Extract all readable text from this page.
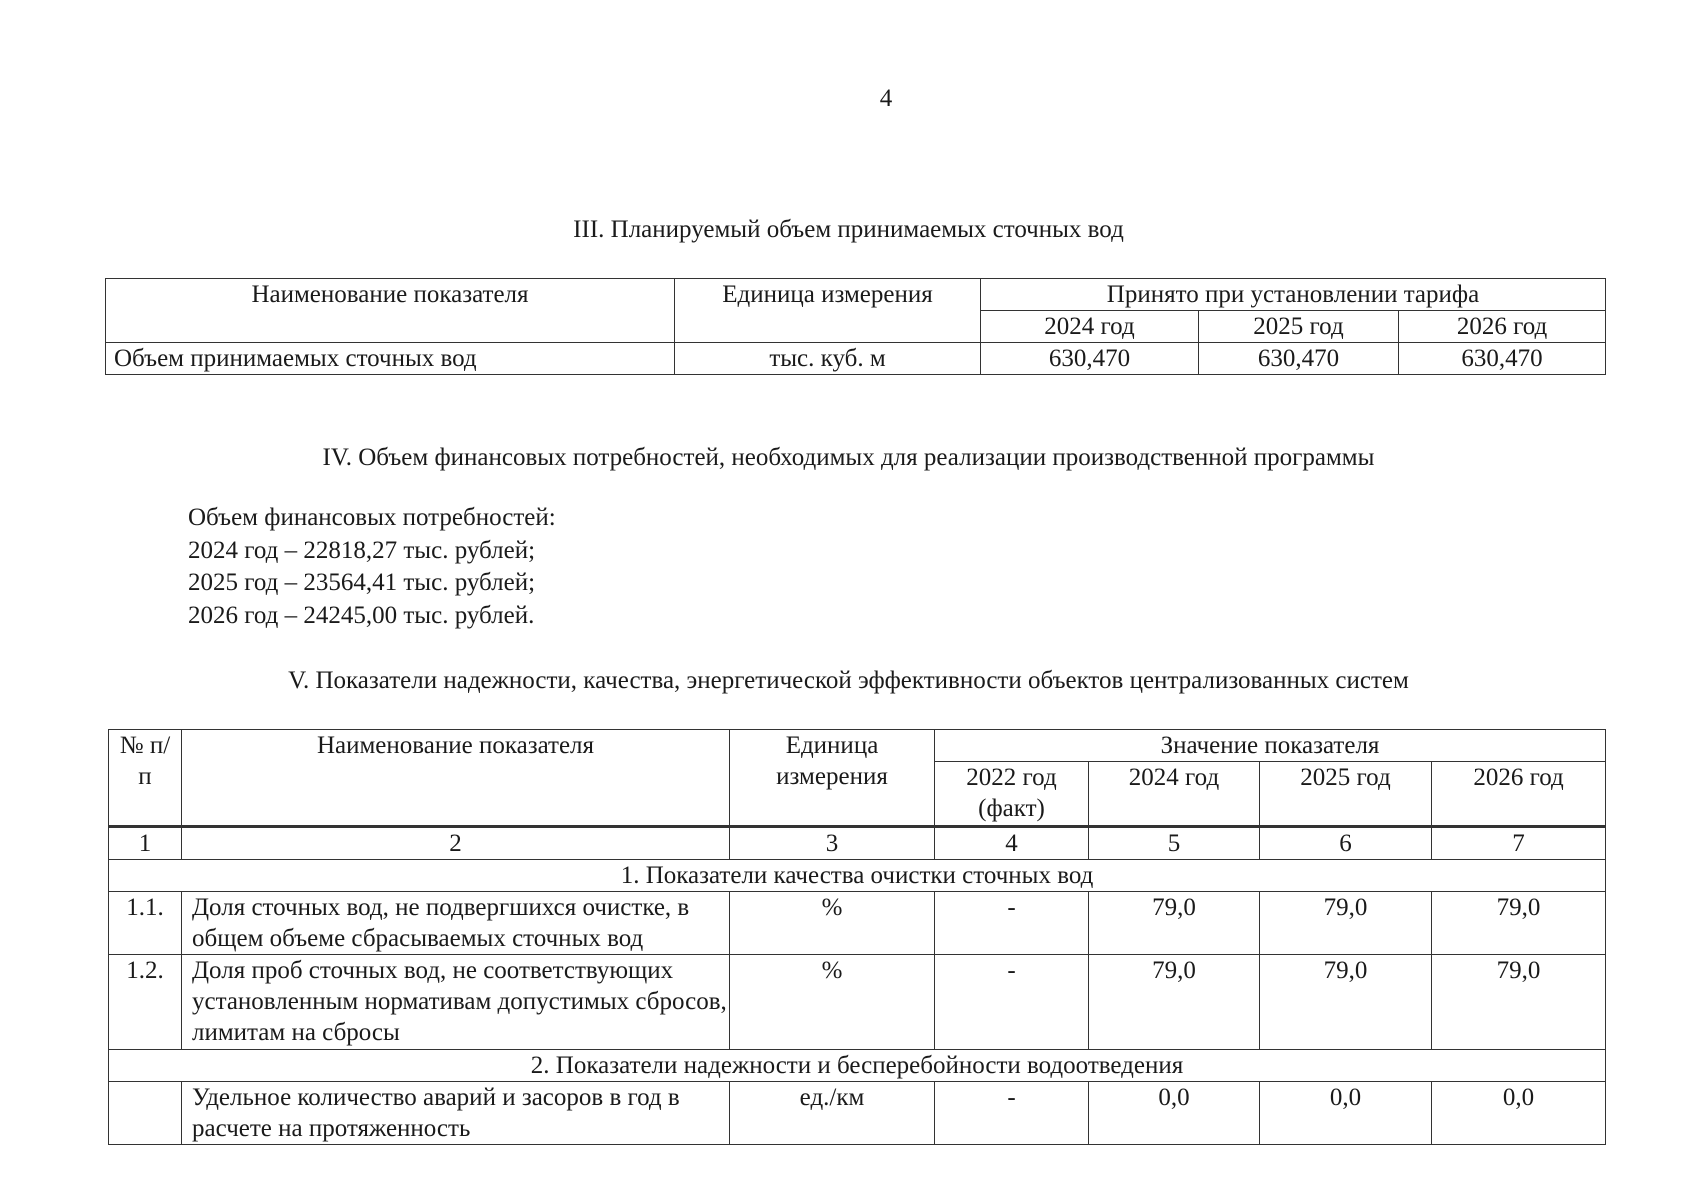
4
III. Планируемый объем принимаемых сточных вод
Наименование показателя	Единица измерения	Принято при установлении тарифа		
		2024 год	2025 год	2026 год
Объем принимаемых сточных вод	тыс. куб. м	630,470	630,470	630,470
IV. Объем финансовых потребностей, необходимых для реализации производственной программы
Объем финансовых потребностей:
2024 год – 22818,27 тыс. рублей;
2025 год – 23564,41 тыс. рублей;
2026 год – 24245,00 тыс. рублей.
V. Показатели надежности, качества, энергетической эффективности объектов централизованных систем
№ п/п	Наименование показателя	Единица измерения	Значение показателя			
			2022 год (факт)	2024 год	2025 год	2026 год
1	2	3	4	5	6	7
1. Показатели качества очистки сточных вод						
1.1.	Доля сточных вод, не подвергшихся очистке, в общем объеме сбрасываемых сточных вод	%	-	79,0	79,0	79,0
1.2.	Доля проб сточных вод, не соответствующих установленным нормативам допустимых сбросов, лимитам на сбросы	%	-	79,0	79,0	79,0
2. Показатели надежности и бесперебойности водоотведения						
	Удельное количество аварий и засоров в год в расчете на протяженность	ед./км	-	0,0	0,0	0,0
